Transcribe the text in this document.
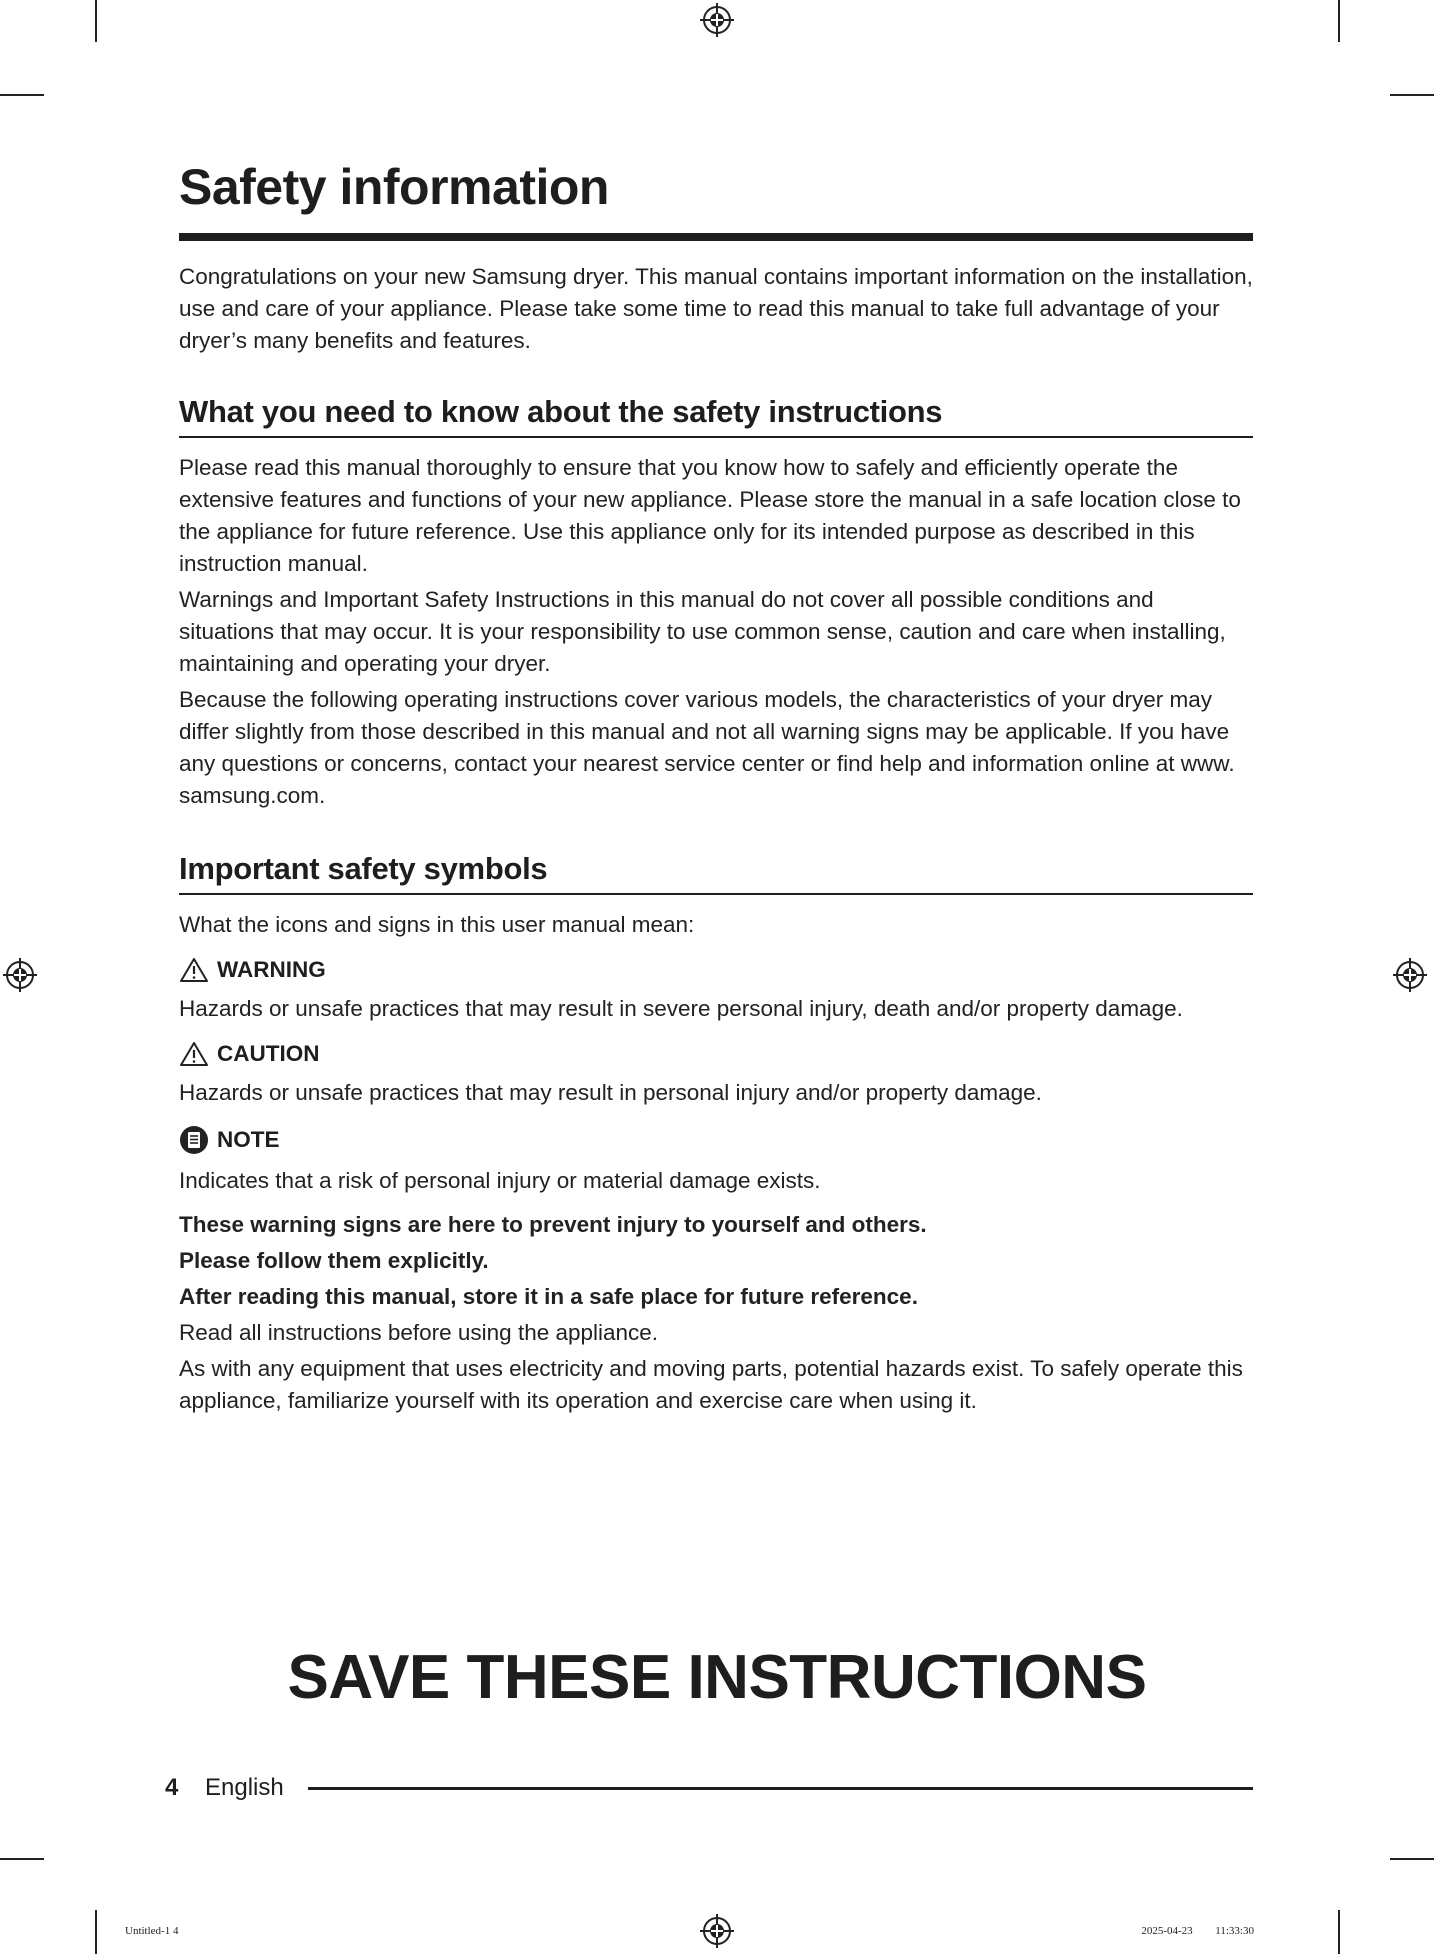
Safety information

Congratulations on your new Samsung dryer. This manual contains important information on the installation, use and care of your appliance. Please take some time to read this manual to take full advantage of your dryer’s many benefits and features.

What you need to know about the safety instructions

Please read this manual thoroughly to ensure that you know how to safely and efficiently operate the extensive features and functions of your new appliance. Please store the manual in a safe location close to the appliance for future reference. Use this appliance only for its intended purpose as described in this instruction manual.

Warnings and Important Safety Instructions in this manual do not cover all possible conditions and situations that may occur. It is your responsibility to use common sense, caution and care when installing, maintaining and operating your dryer.

Because the following operating instructions cover various models, the characteristics of your dryer may differ slightly from those described in this manual and not all warning signs may be applicable. If you have any questions or concerns, contact your nearest service center or find help and information online at www. samsung.com.

Important safety symbols

What the icons and signs in this user manual mean:

WARNING

Hazards or unsafe practices that may result in severe personal injury, death and/or property damage.

CAUTION

Hazards or unsafe practices that may result in personal injury and/or property damage.

NOTE

Indicates that a risk of personal injury or material damage exists.

These warning signs are here to prevent injury to yourself and others.

Please follow them explicitly.

After reading this manual, store it in a safe place for future reference.

Read all instructions before using the appliance.

As with any equipment that uses electricity and moving parts, potential hazards exist. To safely operate this appliance, familiarize yourself with its operation and exercise care when using it.

SAVE THESE INSTRUCTIONS
4	English
Untitled-1 4	2025-04-23 ￿￿ 11:33:30
